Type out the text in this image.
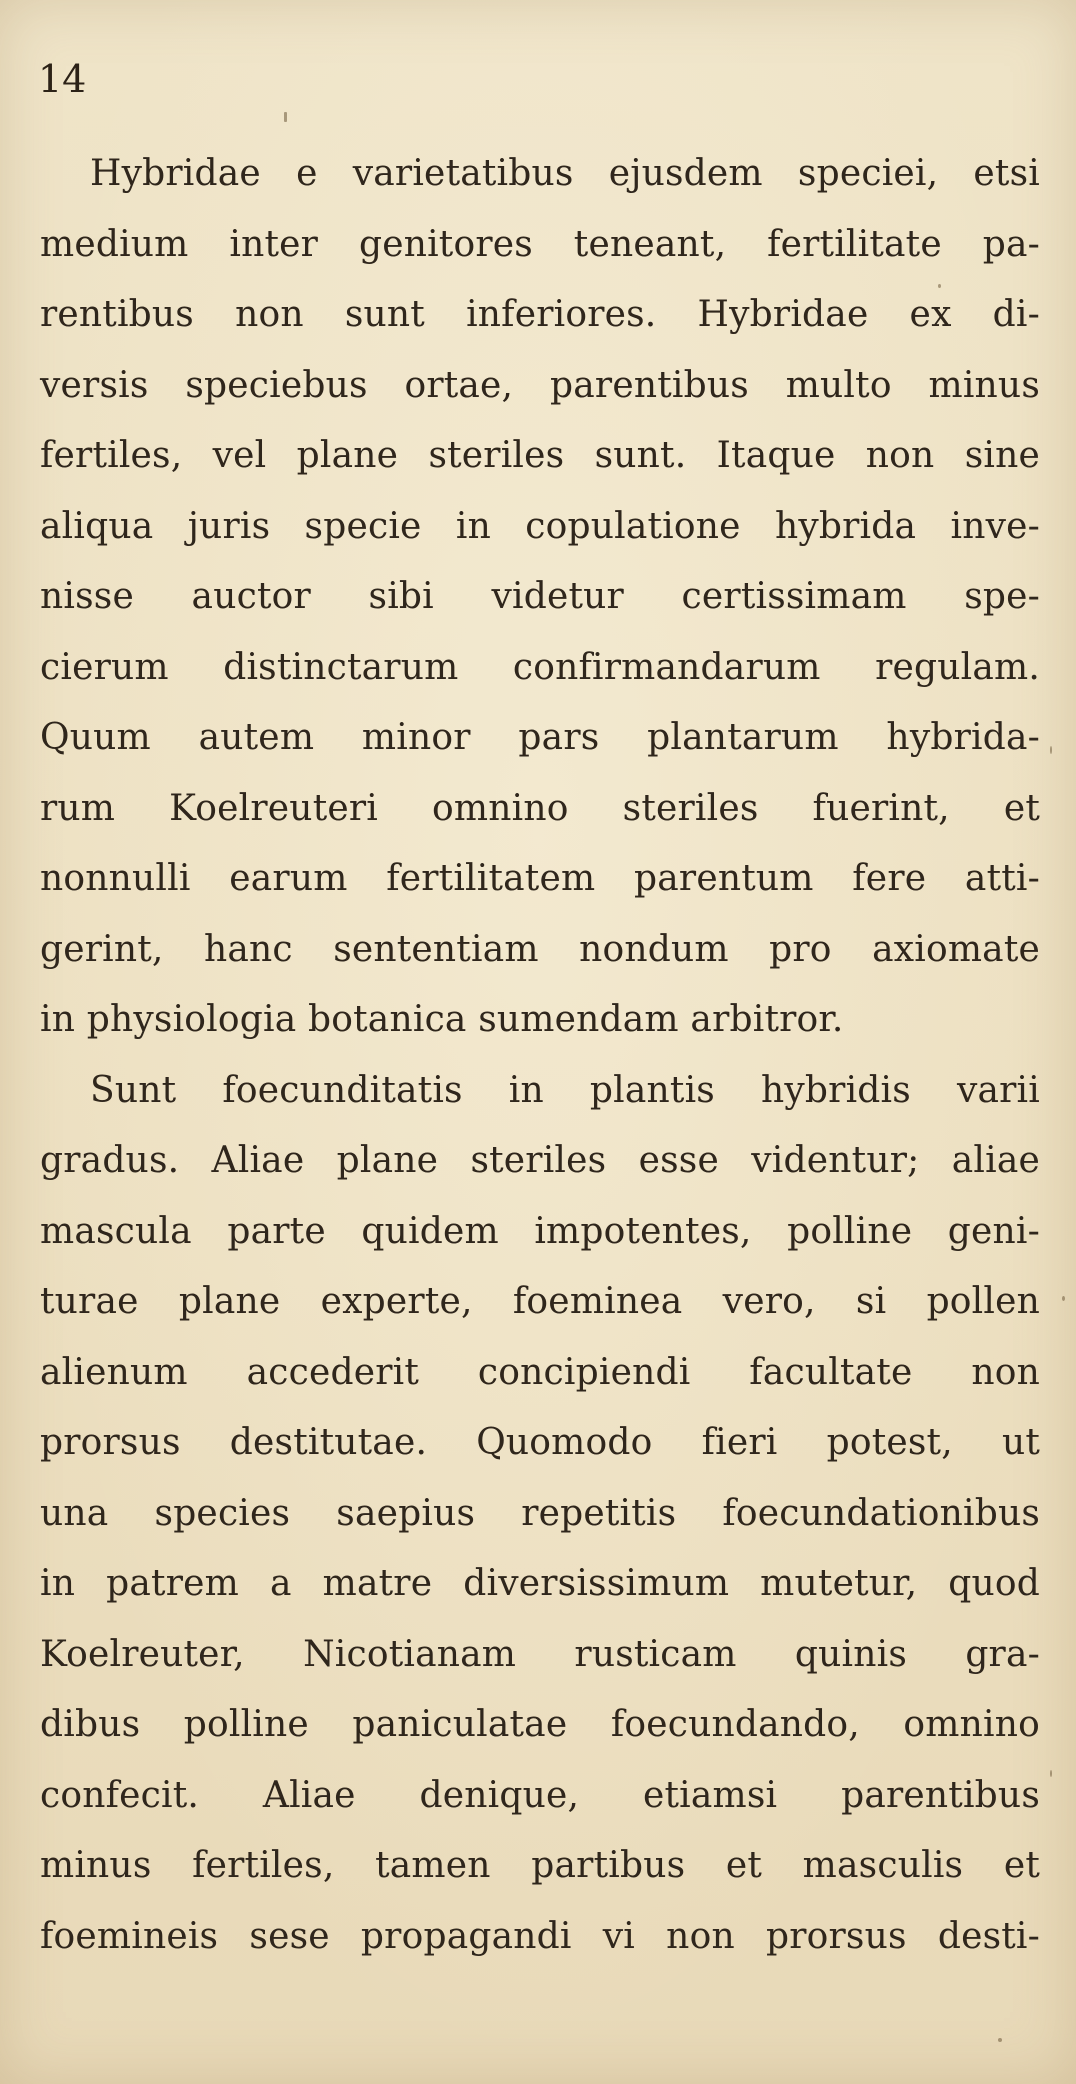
14
Hybridae e varietatibus ejusdem speciei, etsi
medium inter genitores teneant, fertilitate pa-
rentibus non sunt inferiores. Hybridae ex di-
versis speciebus ortae, parentibus multo minus
fertiles, vel plane steriles sunt. Itaque non sine
aliqua juris specie in copulatione hybrida inve-
nisse auctor sibi videtur certissimam spe-
cierum distinctarum confirmandarum regulam.
Quum autem minor pars plantarum hybrida-
rum Koelreuteri omnino steriles fuerint, et
nonnulli earum fertilitatem parentum fere atti-
gerint, hanc sententiam nondum pro axiomate
in physiologia botanica sumendam arbitror.
Sunt foecunditatis in plantis hybridis varii
gradus. Aliae plane steriles esse videntur; aliae
mascula parte quidem impotentes, polline geni-
turae plane experte, foeminea vero, si pollen
alienum accederit concipiendi facultate non
prorsus destitutae. Quomodo fieri potest, ut
una species saepius repetitis foecundationibus
in patrem a matre diversissimum mutetur, quod
Koelreuter, Nicotianam rusticam quinis gra-
dibus polline paniculatae foecundando, omnino
confecit. Aliae denique, etiamsi parentibus
minus fertiles, tamen partibus et masculis et
foemineis sese propagandi vi non prorsus desti-
